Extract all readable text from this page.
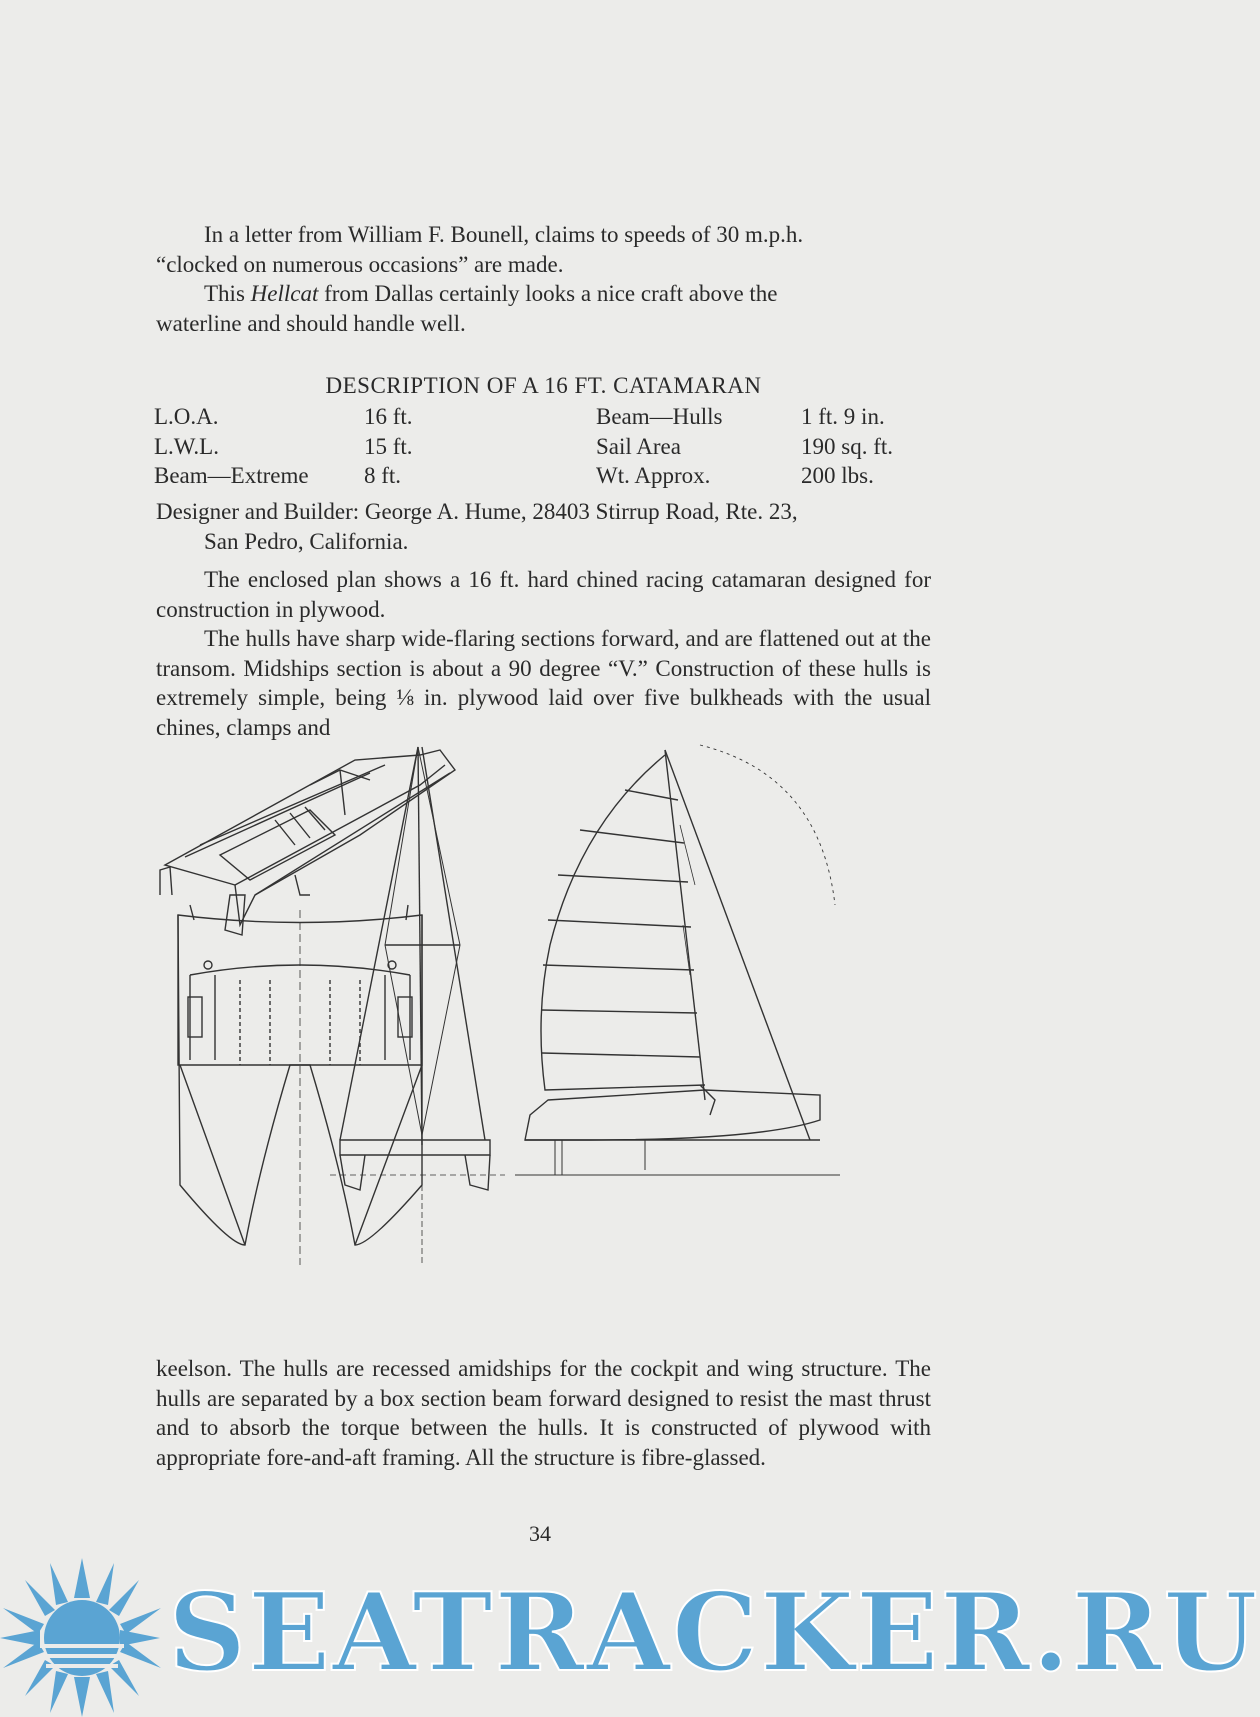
In a letter from William F. Bounell, claims to speeds of 30 m.p.h.
“clocked on numerous occasions” are made.

This Hellcat from Dallas certainly looks a nice craft above the
waterline and should handle well.

DESCRIPTION OF A 16 FT. CATAMARAN
L.O.A.	16 ft.	Beam—Hulls	1 ft. 9 in.
L.W.L.	15 ft.	Sail Area	190 sq. ft.
Beam—Extreme	8 ft.	Wt. Approx.	200 lbs.

Designer and Builder: George A. Hume, 28403 Stirrup Road, Rte. 23,
San Pedro, California.

The enclosed plan shows a 16 ft. hard chined racing catamaran designed for construction in plywood.

The hulls have sharp wide-flaring sections forward, and are flattened out at the transom. Midships section is about a 90 degree “V.” Construction of these hulls is extremely simple, being ⅛ in. plywood laid over five bulkheads with the usual chines, clamps and

keelson. The hulls are recessed amidships for the cockpit and wing structure. The hulls are separated by a box section beam forward designed to resist the mast thrust and to absorb the torque between the hulls. It is constructed of plywood with appropriate fore-and-aft framing. All the structure is fibre-glassed.

34
SEATRACKER.RU
